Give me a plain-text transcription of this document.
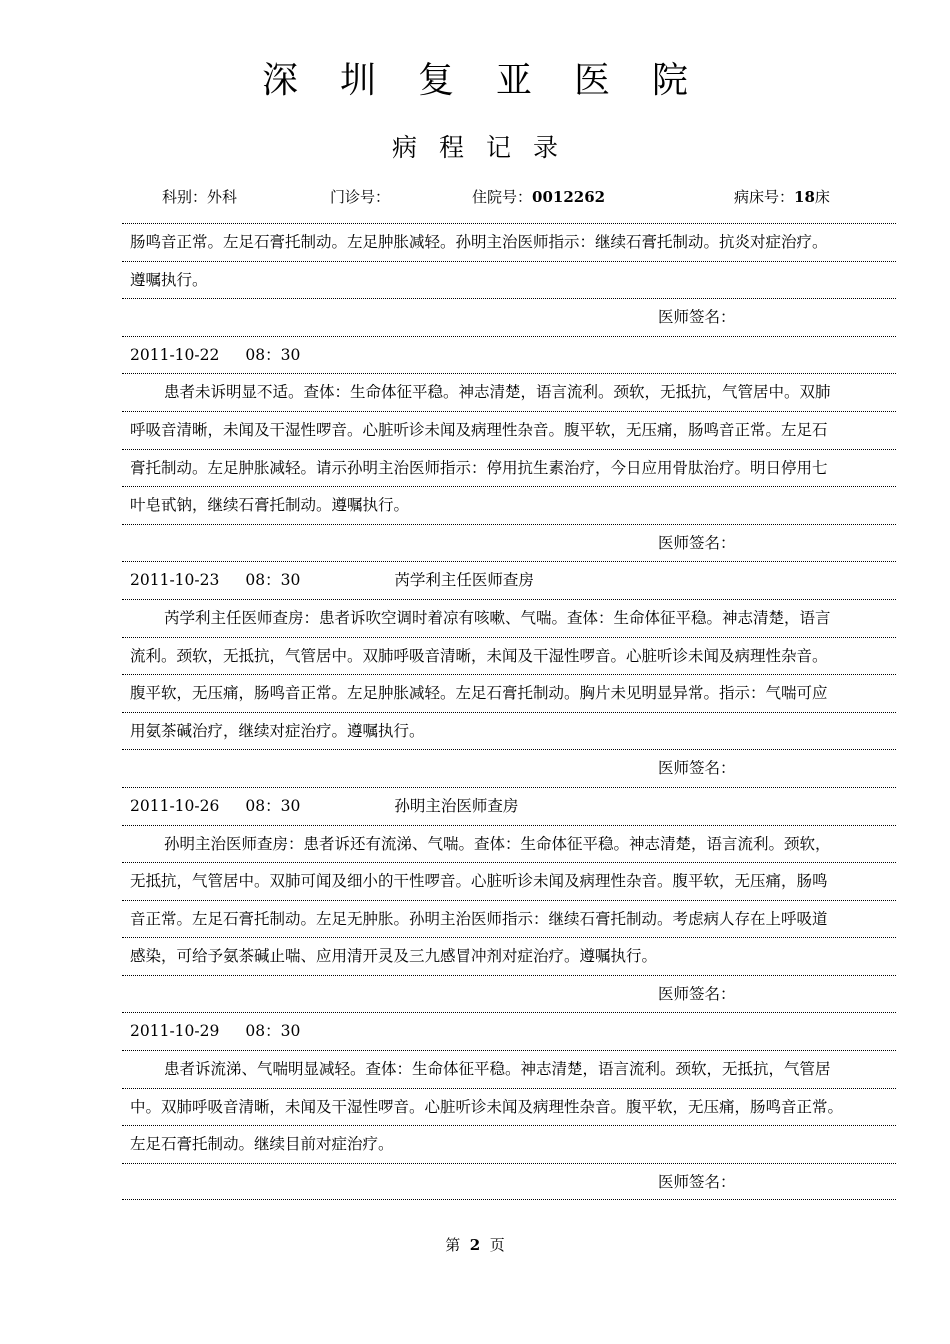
深圳复亚医院
病程记录
科别：外科	门诊号：	住院号：0012262	病床号：18床
肠鸣音正常。左足石膏托制动。左足肿胀减轻。孙明主治医师指示：继续石膏托制动。抗炎对症治疗。
遵嘱执行。
医师签名：
2011-10-22 08：30
患者未诉明显不适。查体：生命体征平稳。神志清楚，语言流利。颈软，无抵抗，气管居中。双肺
呼吸音清晰，未闻及干湿性啰音。心脏听诊未闻及病理性杂音。腹平软，无压痛，肠鸣音正常。左足石
膏托制动。左足肿胀减轻。请示孙明主治医师指示：停用抗生素治疗，今日应用骨肽治疗。明日停用七
叶皂甙钠，继续石膏托制动。遵嘱执行。
医师签名：
2011-10-23 08：30	芮学利主任医师查房
芮学利主任医师查房：患者诉吹空调时着凉有咳嗽、气喘。查体：生命体征平稳。神志清楚，语言
流利。颈软，无抵抗，气管居中。双肺呼吸音清晰，未闻及干湿性啰音。心脏听诊未闻及病理性杂音。
腹平软，无压痛，肠鸣音正常。左足肿胀减轻。左足石膏托制动。胸片未见明显异常。指示：气喘可应
用氨茶碱治疗，继续对症治疗。遵嘱执行。
医师签名：
2011-10-26 08：30	孙明主治医师查房
孙明主治医师查房：患者诉还有流涕、气喘。查体：生命体征平稳。神志清楚，语言流利。颈软，
无抵抗，气管居中。双肺可闻及细小的干性啰音。心脏听诊未闻及病理性杂音。腹平软，无压痛，肠鸣
音正常。左足石膏托制动。左足无肿胀。孙明主治医师指示：继续石膏托制动。考虑病人存在上呼吸道
感染，可给予氨茶碱止喘、应用清开灵及三九感冒冲剂对症治疗。遵嘱执行。
医师签名：
2011-10-29 08：30
患者诉流涕、气喘明显减轻。查体：生命体征平稳。神志清楚，语言流利。颈软，无抵抗，气管居
中。双肺呼吸音清晰，未闻及干湿性啰音。心脏听诊未闻及病理性杂音。腹平软，无压痛，肠鸣音正常。
左足石膏托制动。继续目前对症治疗。
医师签名：
第 2 页
